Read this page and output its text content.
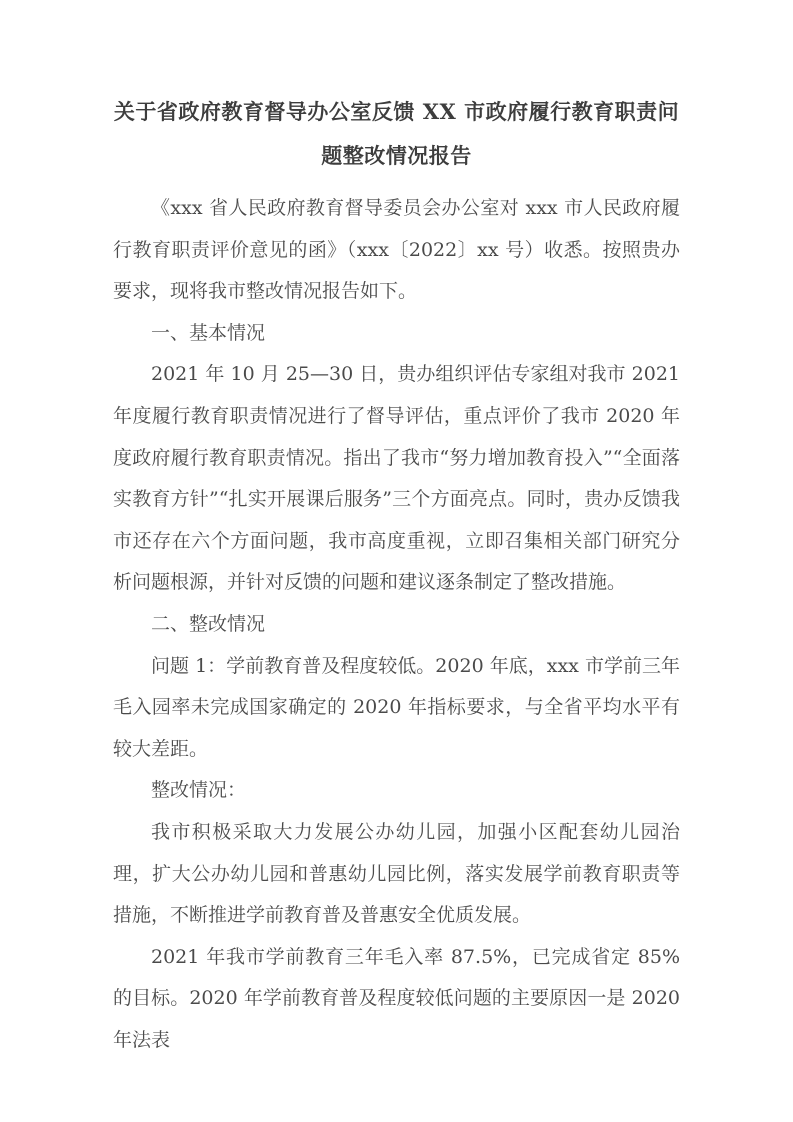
关于省政府教育督导办公室反馈 XX 市政府履行教育职责问题整改情况报告

《xxx 省人民政府教育督导委员会办公室对 xxx 市人民政府履行教育职责评价意见的函》（xxx〔2022〕xx 号）收悉。按照贵办要求，现将我市整改情况报告如下。

一、基本情况

2021 年 10 月 25—30 日，贵办组织评估专家组对我市 2021 年度履行教育职责情况进行了督导评估，重点评价了我市 2020 年度政府履行教育职责情况。指出了我市“努力增加教育投入”“全面落实教育方针”“扎实开展课后服务”三个方面亮点。同时，贵办反馈我市还存在六个方面问题，我市高度重视，立即召集相关部门研究分析问题根源，并针对反馈的问题和建议逐条制定了整改措施。

二、整改情况

问题 1：学前教育普及程度较低。2020 年底，xxx 市学前三年毛入园率未完成国家确定的 2020 年指标要求，与全省平均水平有较大差距。

整改情况：

我市积极采取大力发展公办幼儿园，加强小区配套幼儿园治理，扩大公办幼儿园和普惠幼儿园比例，落实发展学前教育职责等措施，不断推进学前教育普及普惠安全优质发展。

2021 年我市学前教育三年毛入率 87.5%，已完成省定 85%的目标。2020 年学前教育普及程度较低问题的主要原因一是 2020 年法表
